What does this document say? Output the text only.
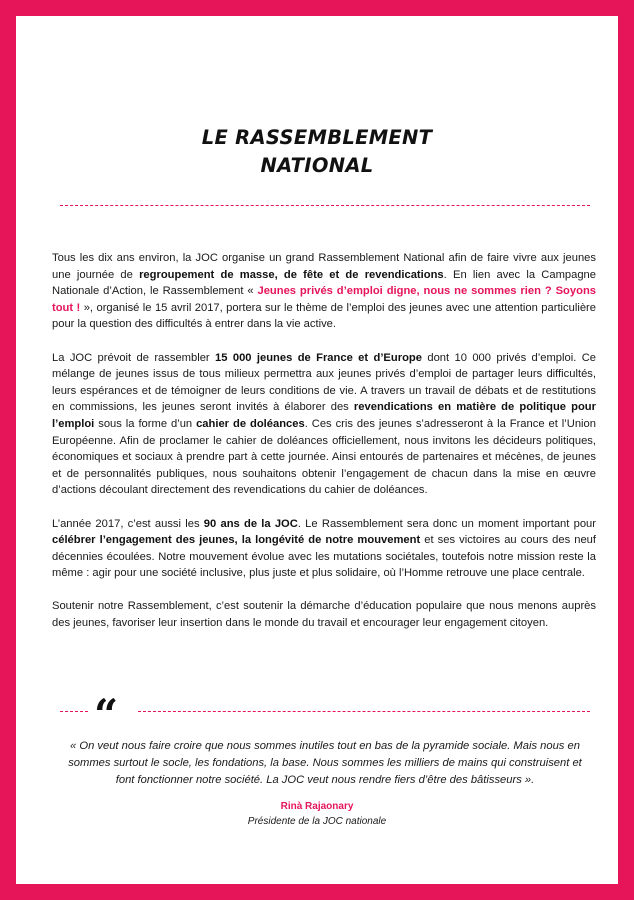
LE RASSEMBLEMENT
NATIONAL

Tous les dix ans environ, la JOC organise un grand Rassemblement National afin de faire vivre aux jeunes une journée de regroupement de masse, de fête et de revendications. En lien avec la Campagne Nationale d’Action, le Rassemblement « Jeunes privés d’emploi digne, nous ne sommes rien ? Soyons tout ! », organisé le 15 avril 2017, portera sur le thème de l’emploi des jeunes avec une attention particulière pour la question des difficultés à entrer dans la vie active.

La JOC prévoit de rassembler 15 000 jeunes de France et d’Europe dont 10 000 privés d’emploi. Ce mélange de jeunes issus de tous milieux permettra aux jeunes privés d’emploi de partager leurs difficultés, leurs espérances et de témoigner de leurs conditions de vie. A travers un travail de débats et de restitutions en commissions, les jeunes seront invités à élaborer des revendications en matière de politique pour l’emploi sous la forme d’un cahier de doléances. Ces cris des jeunes s’adresseront à la France et l’Union Européenne. Afin de proclamer le cahier de doléances officiellement, nous invitons les décideurs politiques, économiques et sociaux à prendre part à cette journée. Ainsi entourés de partenaires et mécènes, de jeunes et de personnalités publiques, nous souhaitons obtenir l’engagement de chacun dans la mise en œuvre d’actions découlant directement des revendications du cahier de doléances.

L’année 2017, c’est aussi les 90 ans de la JOC. Le Rassemblement sera donc un moment important pour célébrer l’engagement des jeunes, la longévité de notre mouvement et ses victoires au cours des neuf décennies écoulées. Notre mouvement évolue avec les mutations sociétales, toutefois notre mission reste la même : agir pour une société inclusive, plus juste et plus solidaire, où l’Homme retrouve une place centrale.

Soutenir notre Rassemblement, c’est soutenir la démarche d’éducation populaire que nous menons auprès des jeunes, favoriser leur insertion dans le monde du travail et encourager leur engagement citoyen.

“
« On veut nous faire croire que nous sommes inutiles tout en bas de la pyramide sociale. Mais nous en sommes surtout le socle, les fondations, la base. Nous sommes les milliers de mains qui construisent et font fonctionner notre société. La JOC veut nous rendre fiers d’être des bâtisseurs ».
Rinà Rajaonary
Présidente de la JOC nationale
